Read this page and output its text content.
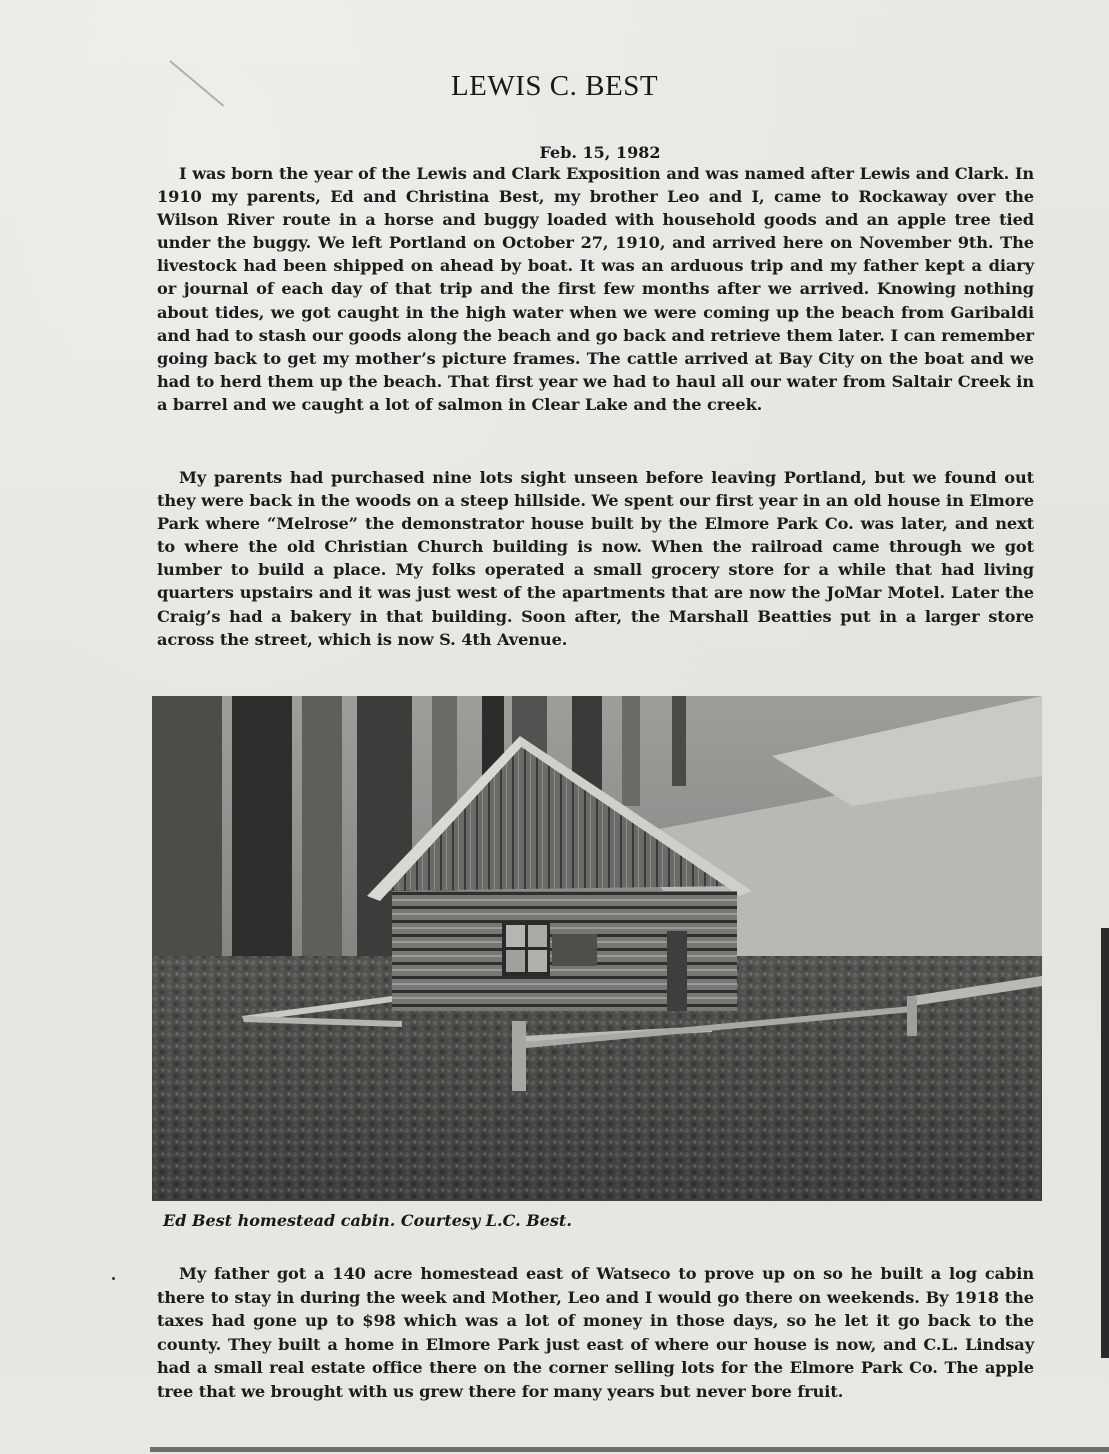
LEWIS C. BEST
Feb. 15, 1982

I was born the year of the Lewis and Clark Exposition and was named after Lewis and Clark. In 1910 my parents, Ed and Christina Best, my brother Leo and I, came to Rockaway over the Wilson River route in a horse and buggy loaded with household goods and an apple tree tied under the buggy. We left Portland on October 27, 1910, and arrived here on November 9th. The livestock had been shipped on ahead by boat. It was an arduous trip and my father kept a diary or journal of each day of that trip and the first few months after we arrived. Knowing nothing about tides, we got caught in the high water when we were coming up the beach from Garibaldi and had to stash our goods along the beach and go back and retrieve them later. I can remember going back to get my mother’s picture frames. The cattle arrived at Bay City on the boat and we had to herd them up the beach. That first year we had to haul all our water from Saltair Creek in a barrel and we caught a lot of salmon in Clear Lake and the creek.

My parents had purchased nine lots sight unseen before leaving Portland, but we found out they were back in the woods on a steep hillside. We spent our first year in an old house in Elmore Park where “Melrose” the demonstrator house built by the Elmore Park Co. was later, and next to where the old Christian Church building is now. When the railroad came through we got lumber to build a place. My folks operated a small grocery store for a while that had living quarters upstairs and it was just west of the apartments that are now the JoMar Motel. Later the Craig’s had a bakery in that building. Soon after, the Marshall Beatties put in a larger store across the street, which is now S. 4th Avenue.

Ed Best homestead cabin. Courtesy L.C. Best.

My father got a 140 acre homestead east of Watseco to prove up on so he built a log cabin there to stay in during the week and Mother, Leo and I would go there on weekends. By 1918 the taxes had gone up to $98 which was a lot of money in those days, so he let it go back to the county. They built a home in Elmore Park just east of where our house is now, and C.L. Lindsay had a small real estate office there on the corner selling lots for the Elmore Park Co. The apple tree that we brought with us grew there for many years but never bore fruit.
